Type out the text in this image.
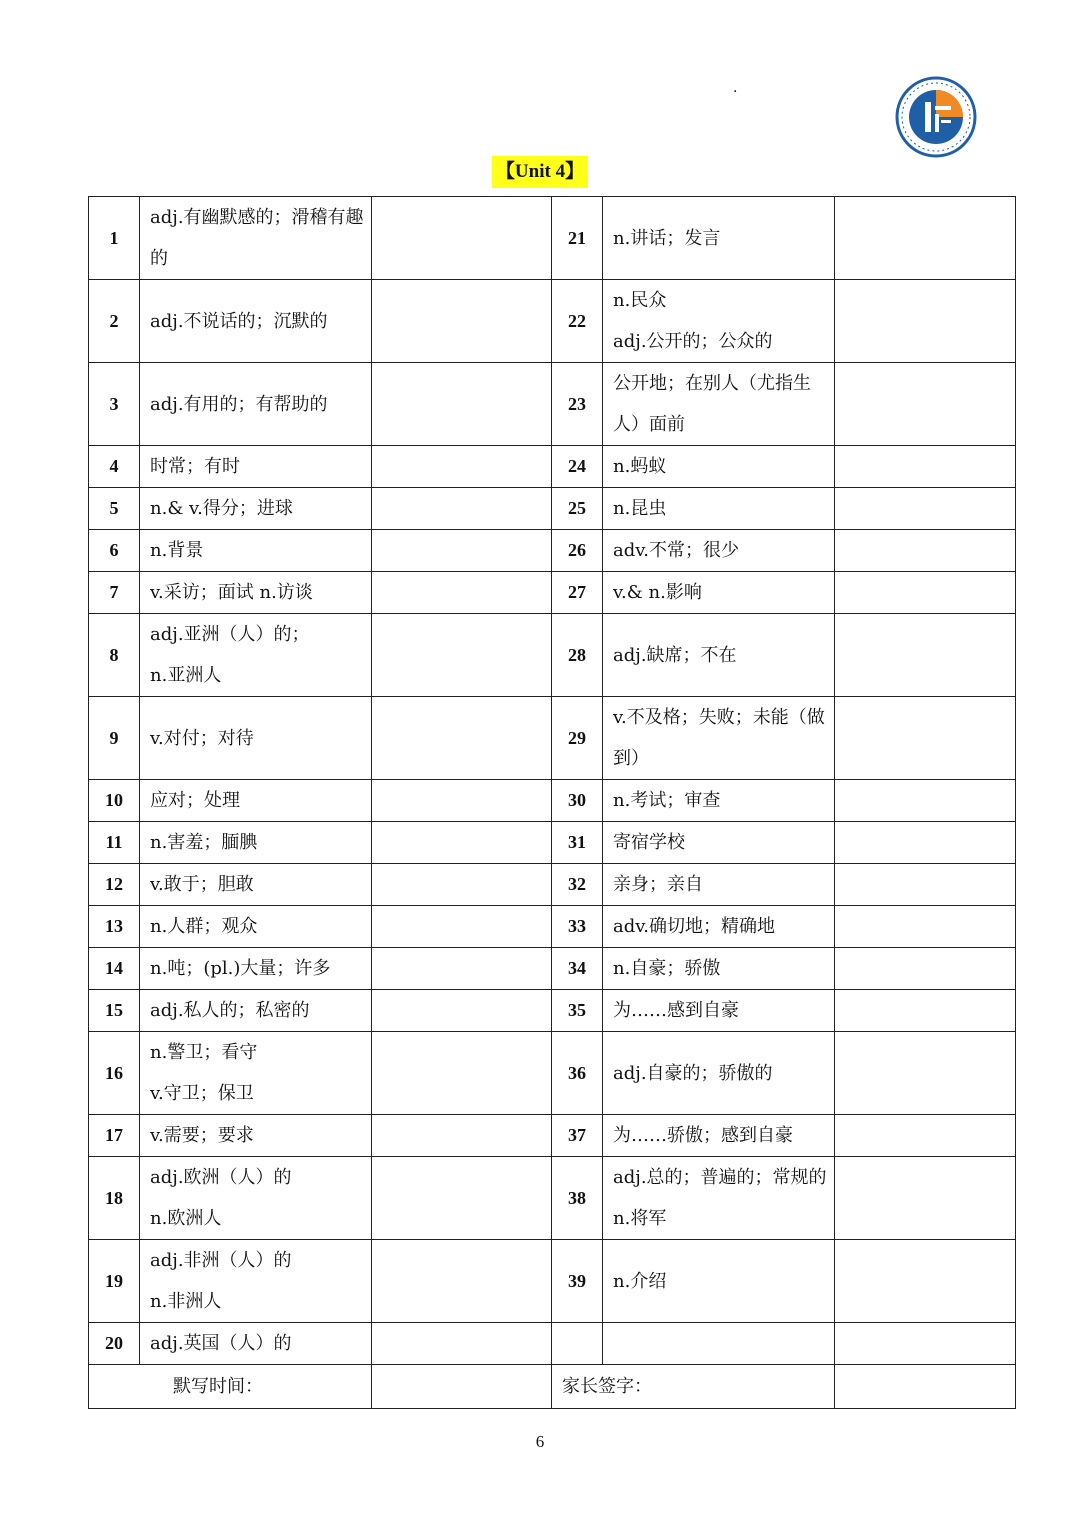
·
【Unit 4】
1	adj.有幽默感的；滑稽有趣
的		21	n.讲话；发言	

2	adj.不说话的；沉默的		22	n.民众
adj.公开的；公众的	

3	adj.有用的；有帮助的		23	公开地；在别人（尤指生
人）面前	

4	时常；有时		24	n.蚂蚁	

5	n.& v.得分；进球		25	n.昆虫	

6	n.背景		26	adv.不常；很少	

7	v.采访；面试 n.访谈		27	v.& n.影响	

8	adj.亚洲（人）的；
n.亚洲人		28	adj.缺席；不在	

9	v.对付；对待		29	v.不及格；失败；未能（做
到）	

10	应对；处理		30	n.考试；审查	

11	n.害羞；腼腆		31	寄宿学校	

12	v.敢于；胆敢		32	亲身；亲自	

13	n.人群；观众		33	adv.确切地；精确地	

14	n.吨；(pl.)大量；许多		34	n.自豪；骄傲	

15	adj.私人的；私密的		35	为……感到自豪	

16	n.警卫；看守
v.守卫；保卫		36	adj.自豪的；骄傲的	

17	v.需要；要求		37	为……骄傲；感到自豪	

18	adj.欧洲（人）的
n.欧洲人		38	adj.总的；普遍的；常规的
n.将军	

19	adj.非洲（人）的
n.非洲人		39	n.介绍	

20	adj.英国（人）的				

默写时间：			家长签字：		
6
